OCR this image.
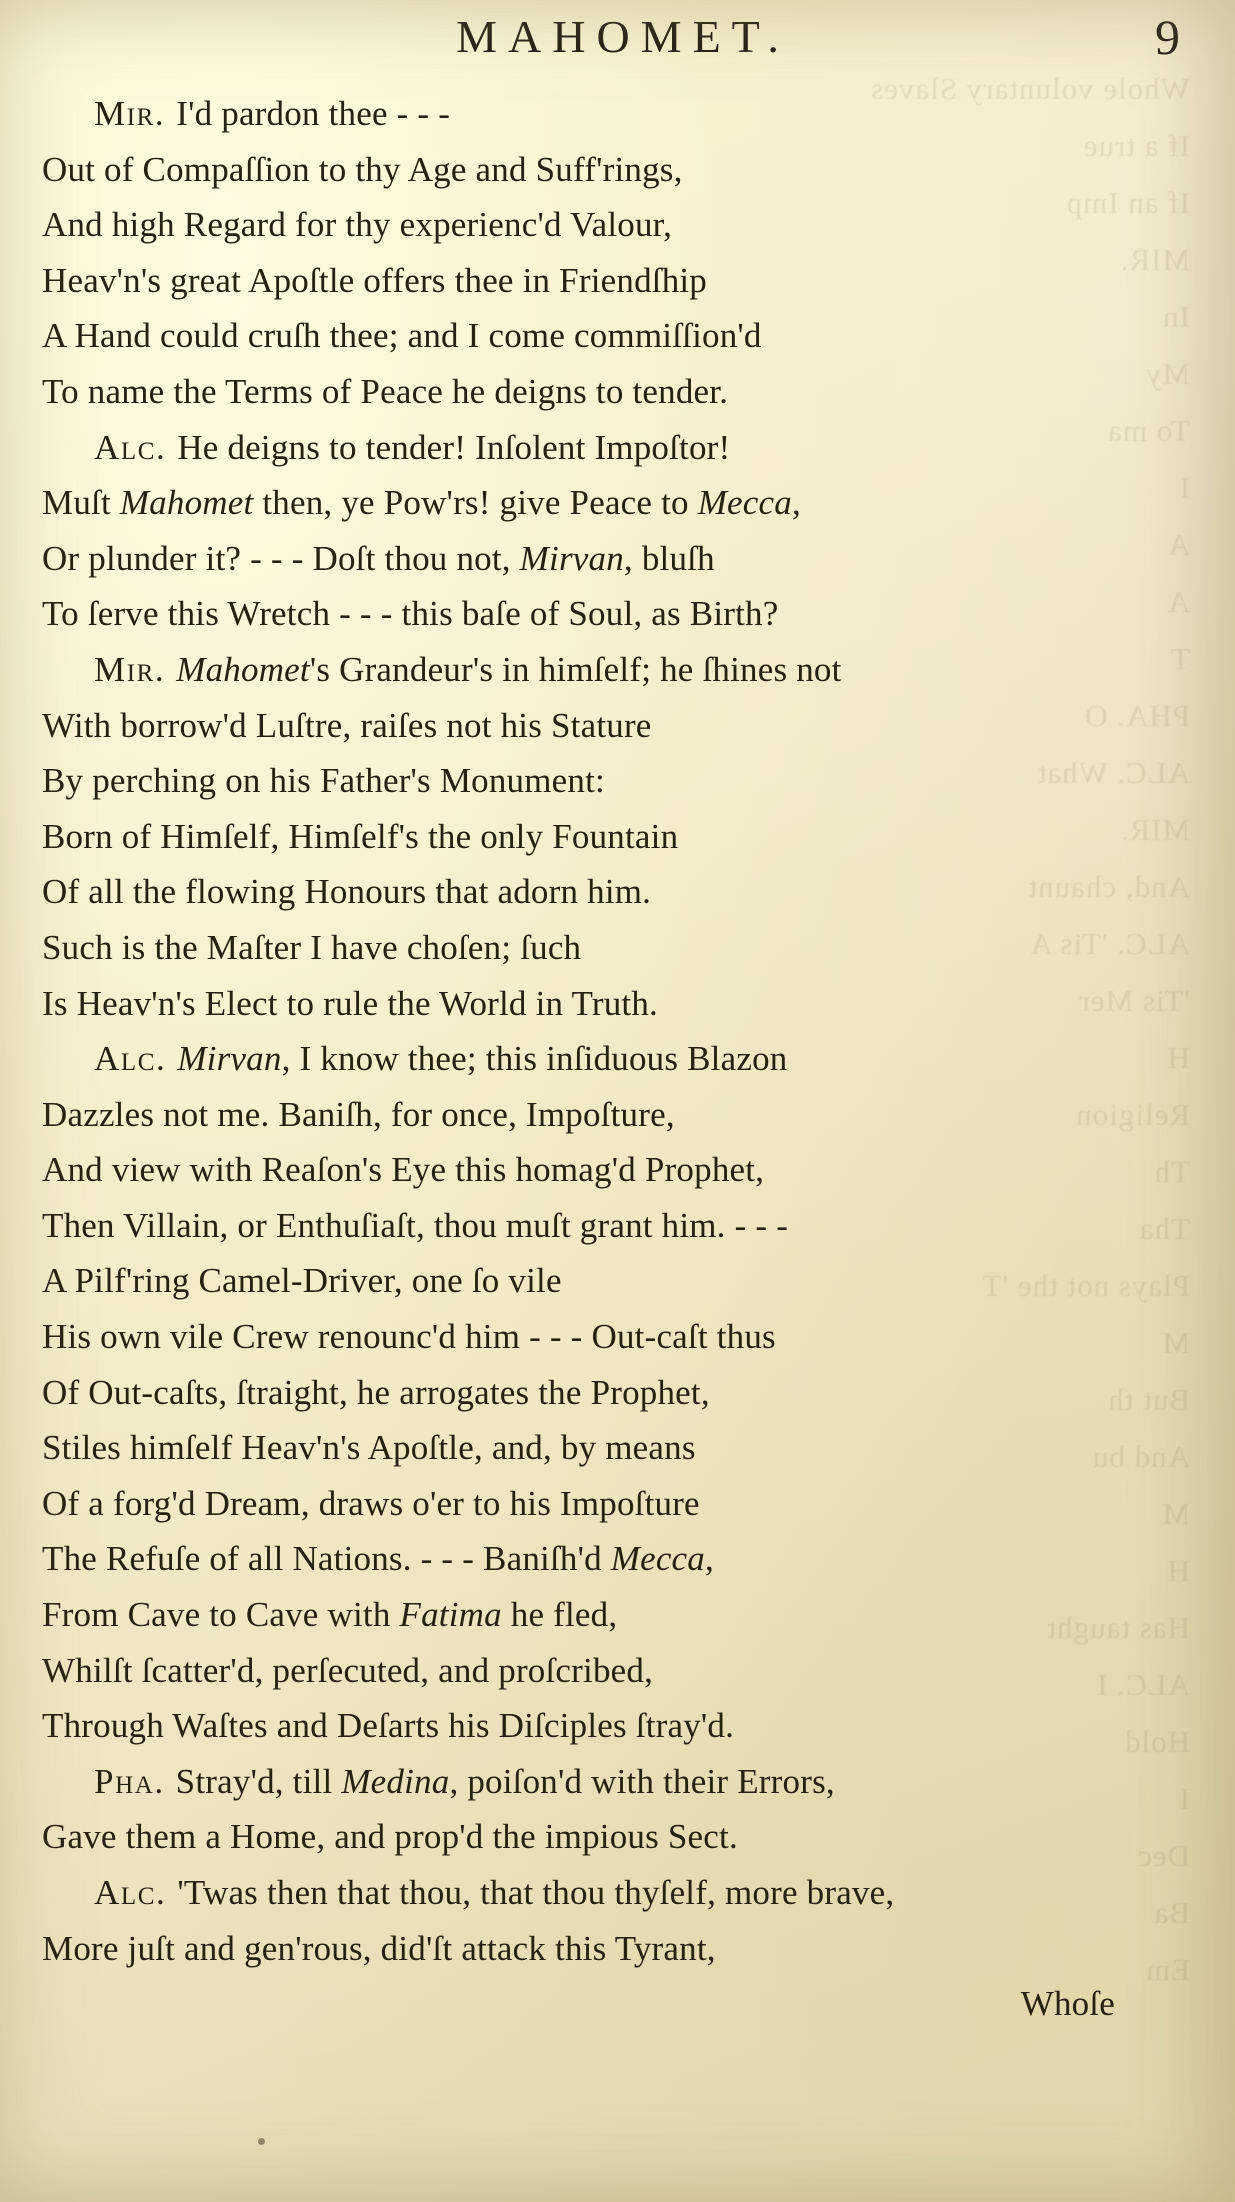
Whole voluntary Slaves
If a true
If an Imp
MIR.
In
My
To ma
I
A
A
T
PHA. O
ALC. What
MIR.
And, chaunt
ALC. 'Tis A
'Tis Mer
H
Religion
Th
Tha
Plays not the 'T
M
But th
And bu
M
H
Has taught
ALC. I
Hold
I
Dec
Ba
Em
MAHOMET.	9
Mir. I'd pardon thee - - -
Out of Compaſſion to thy Age and Suff'rings,
And high Regard for thy experienc'd Valour,
Heav'n's great Apoſtle offers thee in Friendſhip
A Hand could cruſh thee; and I come commiſſion'd
To name the Terms of Peace he deigns to tender.
Alc. He deigns to tender! Inſolent Impoſtor!
Muſt Mahomet then, ye Pow'rs! give Peace to Mecca,
Or plunder it? - - - Doſt thou not, Mirvan, bluſh
To ſerve this Wretch - - - this baſe of Soul, as Birth?
Mir. Mahomet's Grandeur's in himſelf; he ſhines not
With borrow'd Luſtre, raiſes not his Stature
By perching on his Father's Monument:
Born of Himſelf, Himſelf's the only Fountain
Of all the flowing Honours that adorn him.
Such is the Maſter I have choſen; ſuch
Is Heav'n's Elect to rule the World in Truth.
Alc. Mirvan, I know thee; this inſiduous Blazon
Dazzles not me. Baniſh, for once, Impoſture,
And view with Reaſon's Eye this homag'd Prophet,
Then Villain, or Enthuſiaſt, thou muſt grant him. - - -
A Pilf'ring Camel-Driver, one ſo vile
His own vile Crew renounc'd him - - - Out-caſt thus
Of Out-caſts, ſtraight, he arrogates the Prophet,
Stiles himſelf Heav'n's Apoſtle, and, by means
Of a forg'd Dream, draws o'er to his Impoſture
The Refuſe of all Nations. - - - Baniſh'd Mecca,
From Cave to Cave with Fatima he fled,
Whilſt ſcatter'd, perſecuted, and proſcribed,
Through Waſtes and Deſarts his Diſciples ſtray'd.
Pha. Stray'd, till Medina, poiſon'd with their Errors,
Gave them a Home, and prop'd the impious Sect.
Alc. 'Twas then that thou, that thou thyſelf, more brave,
More juſt and gen'rous, did'ſt attack this Tyrant,
Whoſe
